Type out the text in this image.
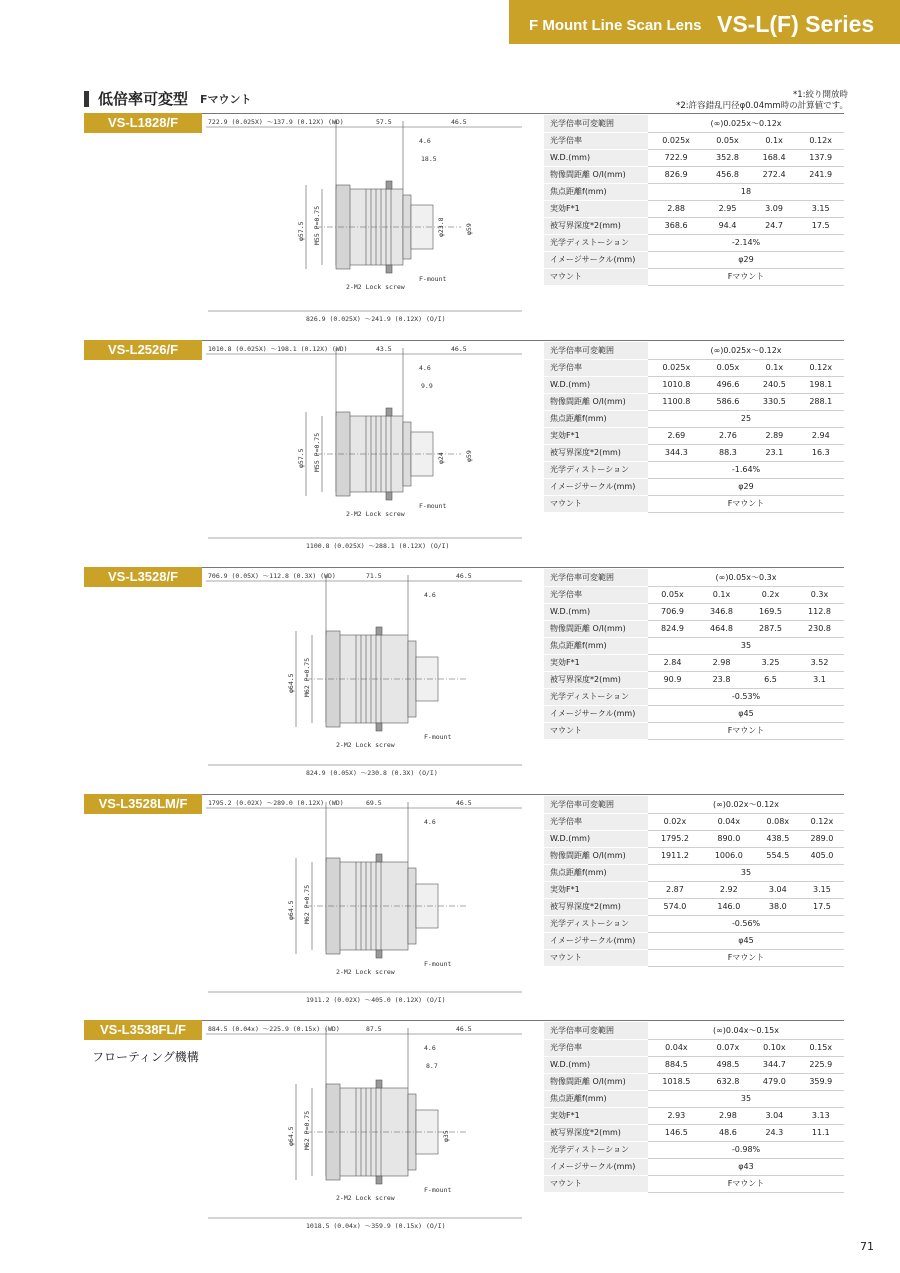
F Mount Line Scan Lens VS-L(F) Series
低倍率可変型 Fマウント	*1:絞り開放時
*2:許容錯乱円径φ0.04mm時の計算値です。
VS-L1828/F	光学倍率可変範囲	(∞)0.025x～0.12x			
光学倍率	0.025x	0.05x	0.1x	0.12x
W.D.(mm)	722.9	352.8	168.4	137.9
物像間距離 O/I(mm)	826.9	456.8	272.4	241.9
焦点距離f(mm)	18			
実効F*1	2.88	2.95	3.09	3.15
被写界深度*2(mm)	368.6	94.4	24.7	17.5
光学ディストーション	-2.14%			
イメージサークル(mm)	φ29			
マウント	Fマウント			
722.9 (0.025X) ～137.9 (0.12X) (WD)	57.5	46.5
4.6
18.5
φ57.5 M55 P=0.75	φ23.8	φ59
2-M2 Lock screw
F-mount
826.9 (0.025X) ～241.9 (0.12X) (O/I)
VS-L2526/F	光学倍率可変範囲	(∞)0.025x～0.12x			
光学倍率	0.025x	0.05x	0.1x	0.12x
W.D.(mm)	1010.8	496.6	240.5	198.1
物像間距離 O/I(mm)	1100.8	586.6	330.5	288.1
焦点距離f(mm)	25			
実効F*1	2.69	2.76	2.89	2.94
被写界深度*2(mm)	344.3	88.3	23.1	16.3
光学ディストーション	-1.64%			
イメージサークル(mm)	φ29			
マウント	Fマウント			
1010.8 (0.025X) ～198.1 (0.12X) (WD)	43.5	46.5
4.6
9.9
φ57.5 M55 P=0.75	φ24	φ59
2-M2 Lock screw
F-mount
1100.8 (0.025X) ～288.1 (0.12X) (O/I)
VS-L3528/F	光学倍率可変範囲	(∞)0.05x～0.3x			
光学倍率	0.05x	0.1x	0.2x	0.3x
W.D.(mm)	706.9	346.8	169.5	112.8
物像間距離 O/I(mm)	824.9	464.8	287.5	230.8
焦点距離f(mm)	35			
実効F*1	2.84	2.98	3.25	3.52
被写界深度*2(mm)	90.9	23.8	6.5	3.1
光学ディストーション	-0.53%			
イメージサークル(mm)	φ45			
マウント	Fマウント			
706.9 (0.05X) ～112.8 (0.3X) (WD)	71.5	46.5
4.6
φ64.5 M62 P=0.75
2-M2 Lock screw
F-mount
824.9 (0.05X) ～230.8 (0.3X) (O/I)
VS-L3528LM/F	光学倍率可変範囲	(∞)0.02x～0.12x			
光学倍率	0.02x	0.04x	0.08x	0.12x
W.D.(mm)	1795.2	890.0	438.5	289.0
物像間距離 O/I(mm)	1911.2	1006.0	554.5	405.0
焦点距離f(mm)	35			
実効F*1	2.87	2.92	3.04	3.15
被写界深度*2(mm)	574.0	146.0	38.0	17.5
光学ディストーション	-0.56%			
イメージサークル(mm)	φ45			
マウント	Fマウント			
1795.2 (0.02X) ～289.0 (0.12X) (WD)	69.5	46.5
4.6
φ64.5 M62 P=0.75
2-M2 Lock screw
F-mount
1911.2 (0.02X) ～405.0 (0.12X) (O/I)
VS-L3538FL/F
フローティング機構
光学倍率可変範囲	(∞)0.04x～0.15x			
光学倍率	0.04x	0.07x	0.10x	0.15x
W.D.(mm)	884.5	498.5	344.7	225.9
物像間距離 O/I(mm)	1018.5	632.8	479.0	359.9
焦点距離f(mm)	35			
実効F*1	2.93	2.98	3.04	3.13
被写界深度*2(mm)	146.5	48.6	24.3	11.1
光学ディストーション	-0.98%			
イメージサークル(mm)	φ43			
マウント	Fマウント			
884.5 (0.04x) ～225.9 (0.15x) (WD)	87.5	46.5
4.6
8.7
φ64.5 M62 P=0.75	φ35
2-M2 Lock screw
F-mount
1018.5 (0.04x) ～359.9 (0.15x) (O/I)
71
